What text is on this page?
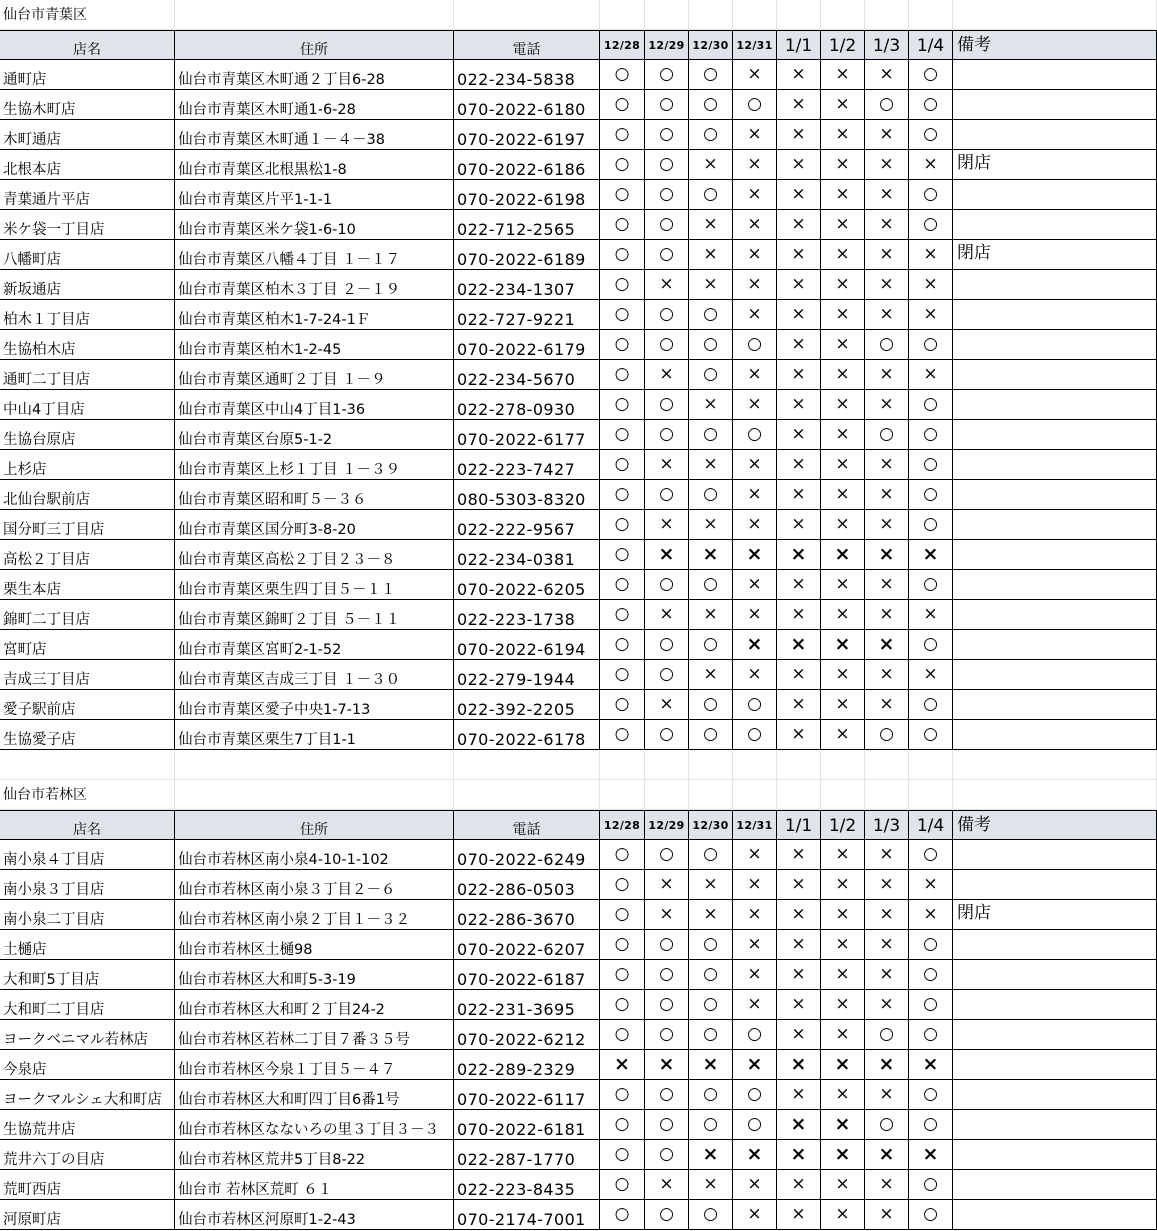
仙台市青葉区
店名	住所	電話	12/28 12/29 12/30 12/31 1/1 1/2 1/3 1/4 備考
通町店	仙台市青葉区木町通２丁目6-28	022-234-5838	○	○	○	×	×	×	×	○
生協木町店	仙台市青葉区木町通1-6-28	070-2022-6180	○	○	○	○	×	×	○	○
木町通店	仙台市青葉区木町通１－４－38	070-2022-6197	○	○	○	×	×	×	×	○
北根本店	仙台市青葉区北根黒松1-8	070-2022-6186	○	○	×	×	×	×	×	×	閉店
青葉通片平店	仙台市青葉区片平1-1-1	070-2022-6198	○	○	○	×	×	×	×	○
米ケ袋一丁目店	仙台市青葉区米ケ袋1-6-10	022-712-2565	○	○	×	×	×	×	×	○
八幡町店	仙台市青葉区八幡４丁目 １－１７	070-2022-6189	○	○	×	×	×	×	×	×	閉店
新坂通店	仙台市青葉区柏木３丁目 ２－１９	022-234-1307	○	×	×	×	×	×	×	×
柏木１丁目店	仙台市青葉区柏木1-7-24-1Ｆ	022-727-9221	○	○	○	×	×	×	×	×
生協柏木店	仙台市青葉区柏木1-2-45	070-2022-6179	○	○	○	○	×	×	○	○
通町二丁目店	仙台市青葉区通町２丁目 １－９	022-234-5670	○	×	○	×	×	×	×	×
中山4丁目店	仙台市青葉区中山4丁目1-36	022-278-0930	○	○	×	×	×	×	×	○
生協台原店	仙台市青葉区台原5-1-2	070-2022-6177	○	○	○	○	×	×	○	○
上杉店	仙台市青葉区上杉１丁目 １－３９	022-223-7427	○	×	×	×	×	×	×	○
北仙台駅前店	仙台市青葉区昭和町５－３６	080-5303-8320	○	○	○	×	×	×	×	○
国分町三丁目店	仙台市青葉区国分町3-8-20	022-222-9567	○	×	×	×	×	×	×	○
高松２丁目店	仙台市青葉区高松２丁目２３－８	022-234-0381	○	×	×	×	×	×	×	×
栗生本店	仙台市青葉区栗生四丁目５－１１	070-2022-6205	○	○	○	×	×	×	×	○
錦町二丁目店	仙台市青葉区錦町２丁目 ５－１１	022-223-1738	○	×	×	×	×	×	×	×
宮町店	仙台市青葉区宮町2-1-52	070-2022-6194	○	○	○	×	×	×	×	○
吉成三丁目店	仙台市青葉区吉成三丁目 １－３０	022-279-1944	○	○	×	×	×	×	×	×
愛子駅前店	仙台市青葉区愛子中央1-7-13	022-392-2205	○	×	○	○	×	×	×	○
生協愛子店	仙台市青葉区栗生7丁目1-1	070-2022-6178	○	○	○	○	×	×	○	○
仙台市若林区
店名	住所	電話	12/28 12/29 12/30 12/31 1/1 1/2 1/3 1/4 備考
南小泉４丁目店	仙台市若林区南小泉4-10-1-102	070-2022-6249	○	○	○	×	×	×	×	○
南小泉３丁目店	仙台市若林区南小泉３丁目２－６	022-286-0503	○	×	×	×	×	×	×	×
南小泉二丁目店	仙台市若林区南小泉２丁目１－３２	022-286-3670	○	×	×	×	×	×	×	×	閉店
土樋店	仙台市若林区土樋98	070-2022-6207	○	○	○	×	×	×	×	○
大和町5丁目店	仙台市若林区大和町5-3-19	070-2022-6187	○	○	○	×	×	×	×	○
大和町二丁目店	仙台市若林区大和町２丁目24-2	022-231-3695	○	○	○	×	×	×	×	○
ヨークベニマル若林店	仙台市若林区若林二丁目７番３５号	070-2022-6212	○	○	○	○	×	×	○	○
今泉店	仙台市若林区今泉１丁目５－４７	022-289-2329	×	×	×	×	×	×	×	×
ヨークマルシェ大和町店	仙台市若林区大和町四丁目6番1号	070-2022-6117	○	○	○	○	×	×	×	○
生協荒井店	仙台市若林区なないろの里３丁目３－３	070-2022-6181	○	○	○	○	×	×	○	○
荒井六丁の目店	仙台市若林区荒井5丁目8-22	022-287-1770	○	○	×	×	×	×	×	×
荒町西店	仙台市 若林区荒町 ６１	022-223-8435	○	×	×	×	×	×	×	○
河原町店	仙台市若林区河原町1-2-43	070-2174-7001	○	○	○	×	×	×	×	○
